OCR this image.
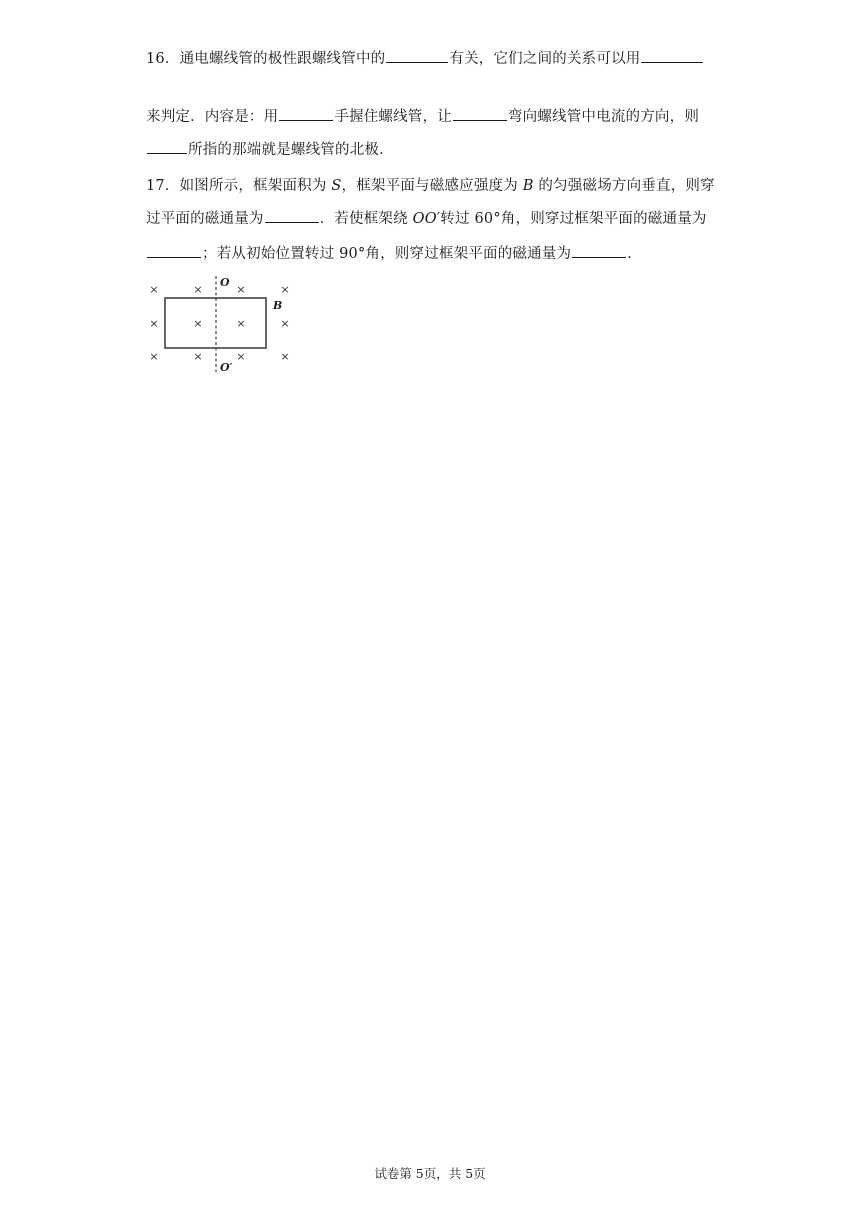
16．通电螺线管的极性跟螺线管中的	有关，它们之间的关系可以用
来判定．内容是：用	手握住螺线管，让	弯向螺线管中电流的方向，则
所指的那端就是螺线管的北极．
17．如图所示，框架面积为 S，框架平面与磁感应强度为 B 的匀强磁场方向垂直，则穿
过平面的磁通量为	．若使框架绕 OO′转过 60°角，则穿过框架平面的磁通量为
；若从初始位置转过 90°角，则穿过框架平面的磁通量为	．
×	×	×	×
×	×	×	×
×	×	×	×
O
O′
B
试卷第 5页，共 5页
